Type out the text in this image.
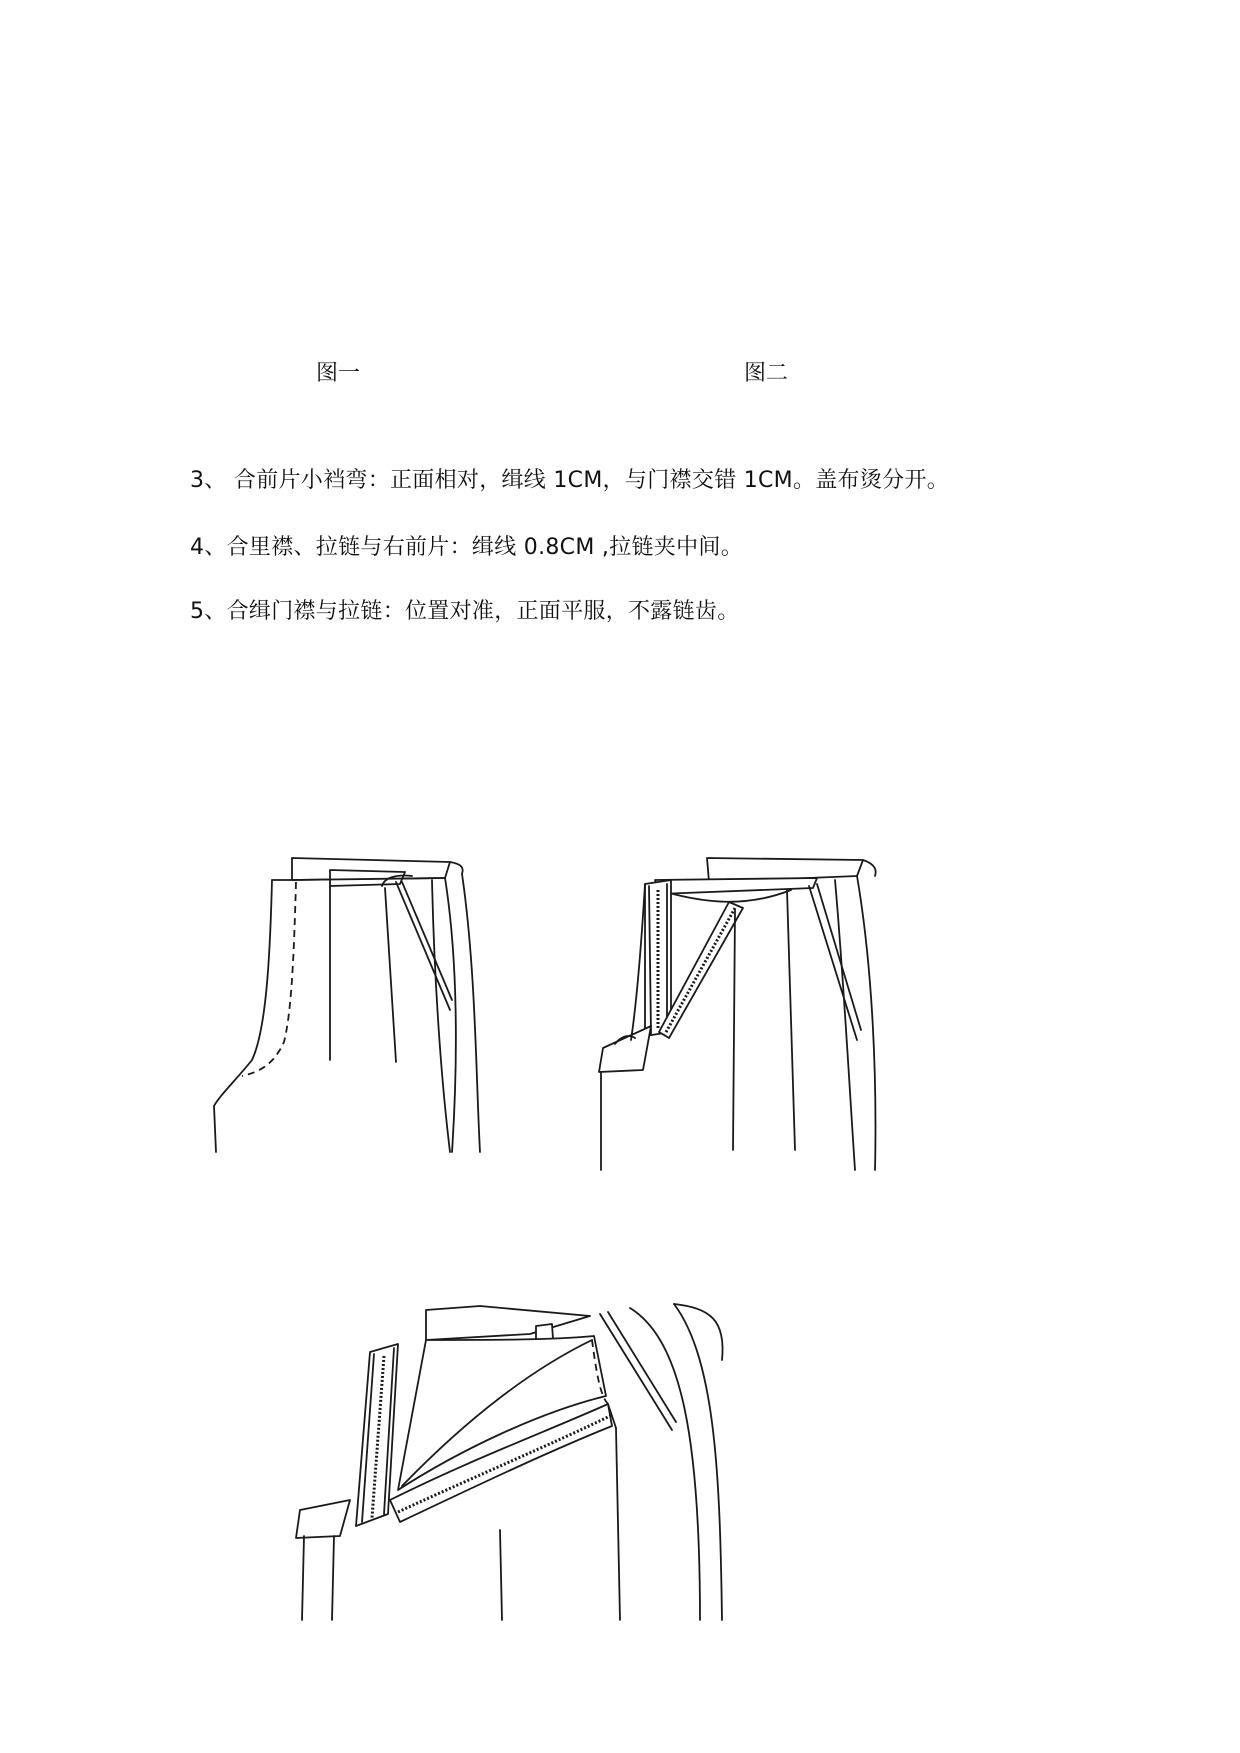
图一	图二
3、 合前片小裆弯：正面相对，缉线 1CM，与门襟交错 1CM。盖布烫分开。
4、合里襟、拉链与右前片：缉线 0.8CM ,拉链夹中间。
5、合缉门襟与拉链：位置对准，正面平服，不露链齿。
